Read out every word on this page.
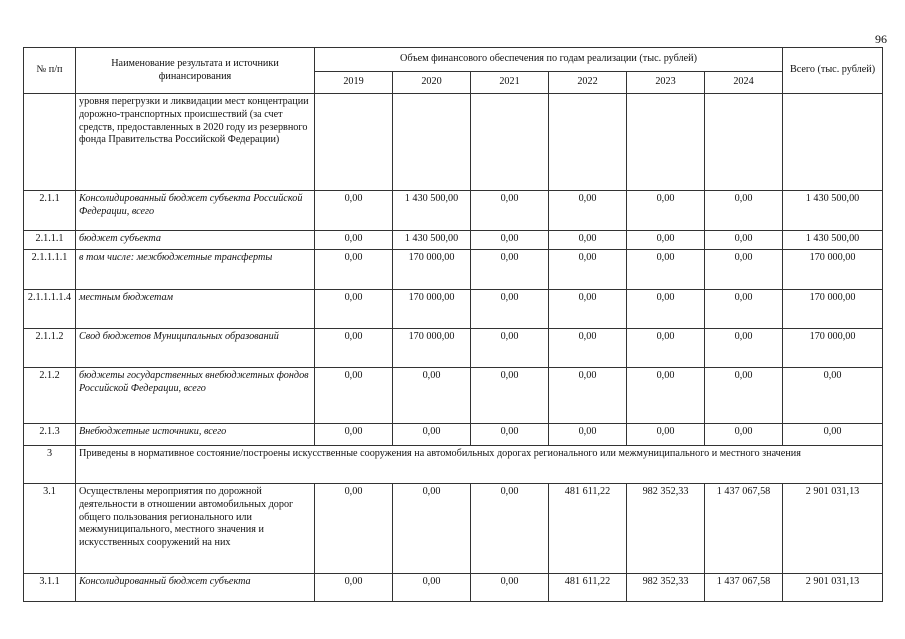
96
№ п/п	Наименование результата и источники финансирования	Объем финансового обеспечения по годам реализации (тыс. рублей)						Всего (тыс. рублей)
		2019	2020	2021	2022	2023	2024	
	уровня перегрузки и ликвидации мест концентрации дорожно-транспортных происшествий (за счет средств, предоставленных в 2020 году из резервного фонда Правительства Российской Федерации)							
2.1.1	Консолидированный бюджет субъекта Российской Федерации, всего	0,00	1 430 500,00	0,00	0,00	0,00	0,00	1 430 500,00
2.1.1.1	бюджет субъекта	0,00	1 430 500,00	0,00	0,00	0,00	0,00	1 430 500,00
2.1.1.1.1	в том числе: межбюджетные трансферты	0,00	170 000,00	0,00	0,00	0,00	0,00	170 000,00
2.1.1.1.1.4	местным бюджетам	0,00	170 000,00	0,00	0,00	0,00	0,00	170 000,00
2.1.1.2	Свод бюджетов Муниципальных образований	0,00	170 000,00	0,00	0,00	0,00	0,00	170 000,00
2.1.2	бюджеты государственных внебюджетных фондов Российской Федерации, всего	0,00	0,00	0,00	0,00	0,00	0,00	0,00
2.1.3	Внебюджетные источники, всего	0,00	0,00	0,00	0,00	0,00	0,00	0,00
3	Приведены в нормативное состояние/построены искусственные сооружения на автомобильных дорогах регионального или межмуниципального и местного значения							
3.1	Осуществлены мероприятия по дорожной деятельности в отношении автомобильных дорог общего пользования регионального или межмуниципального, местного значения и искусственных сооружений на них	0,00	0,00	0,00	481 611,22	982 352,33	1 437 067,58	2 901 031,13
3.1.1	Консолидированный бюджет субъекта	0,00	0,00	0,00	481 611,22	982 352,33	1 437 067,58	2 901 031,13
